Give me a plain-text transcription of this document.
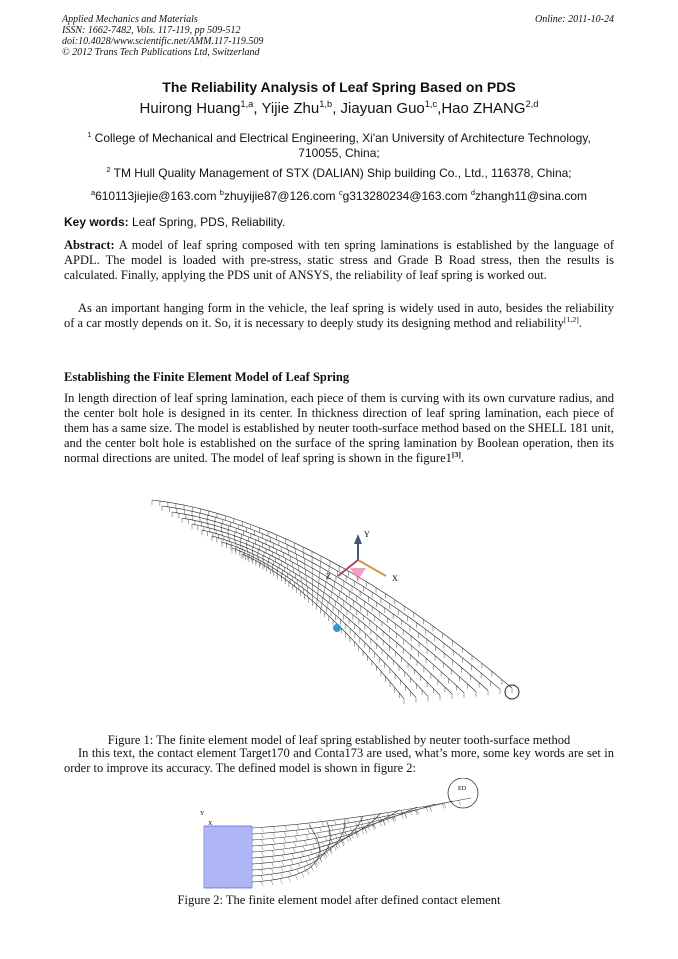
Applied Mechanics and Materials
ISSN: 1662-7482, Vols. 117-119, pp 509-512
doi:10.4028/www.scientific.net/AMM.117-119.509
© 2012 Trans Tech Publications Ltd, Switzerland
Online: 2011-10-24
The Reliability Analysis of Leaf Spring Based on PDS
Huirong Huang$^{1,a}$, Yijie Zhu$^{1,b}$, Jiayuan Guo$^{1,c}$,Hao ZHANG$^{2,d}$
$^1$ College of Mechanical and Electrical Engineering, Xi'an University of Architecture Technology, 710055, China;
$^2$ TM Hull Quality Management of STX (DALIAN) Ship building Co., Ltd., 116378, China;
$^a$610113jiejie@163.com $^b$zhuyijie87@126.com $^c$g313280234@163.com $^d$zhangh11@sina.com
Key words: Leaf Spring, PDS, Reliability.
Abstract: A model of leaf spring composed with ten spring laminations is established by the language of APDL. The model is loaded with pre-stress, static stress and Grade B Road stress, then the results is calculated. Finally, applying the PDS unit of ANSYS, the reliability of leaf spring is worked out.
As an important hanging form in the vehicle, the leaf spring is widely used in auto, besides the reliability of a car mostly depends on it. So, it is necessary to deeply study its designing method and reliability[1,2].
Establishing the Finite Element Model of Leaf Spring
In length direction of leaf spring lamination, each piece of them is curving with its own curvature radius, and the center bolt hole is designed in its center. In thickness direction of leaf spring lamination, each piece of them has a same size. The model is established by neuter tooth-surface method based on the SHELL 181 unit, and the center bolt hole is established on the surface of the spring lamination by Boolean operation, then its normal directions are united. The model of leaf spring is shown in the figure1[3].
Y
X
Z
Figure 1: The finite element model of leaf spring established by neuter tooth-surface method
In this text, the contact element Target170 and Conta173 are used, what’s more, some key words are set in order to improve its accuracy. The defined model is shown in figure 2:
ED
Y
X
Figure 2: The finite element model after defined contact element
